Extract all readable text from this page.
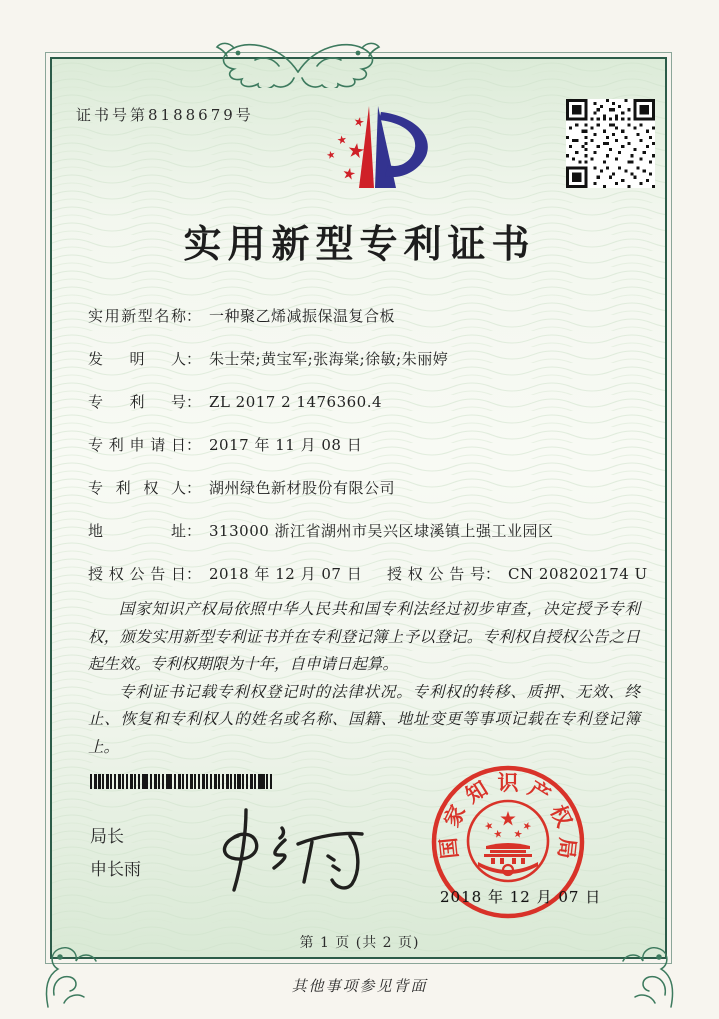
证书号第8188679号
实用新型专利证书
实用新型名称： 一种聚乙烯减振保温复合板
发明人： 朱士荣;黄宝军;张海棠;徐敏;朱丽婷
专利号： ZL 2017 2 1476360.4
专利申请日： 2017 年 11 月 08 日
专利权人： 湖州绿色新材股份有限公司
地址： 313000 浙江省湖州市吴兴区埭溪镇上强工业园区
授权公告日： 2018 年 12 月 07 日 授权公告号： CN 208202174 U

国家知识产权局依照中华人民共和国专利法经过初步审查，决定授予专利权，颁发实用新型专利证书并在专利登记簿上予以登记。专利权自授权公告之日起生效。专利权期限为十年，自申请日起算。

专利证书记载专利权登记时的法律状况。专利权的转移、质押、无效、终止、恢复和专利权人的姓名或名称、国籍、地址变更等事项记载在专利登记簿上。

局长
申长雨
国
家
知 识 产
权
局
2018 年 12 月 07 日
第 1 页 (共 2 页)
其他事项参见背面
